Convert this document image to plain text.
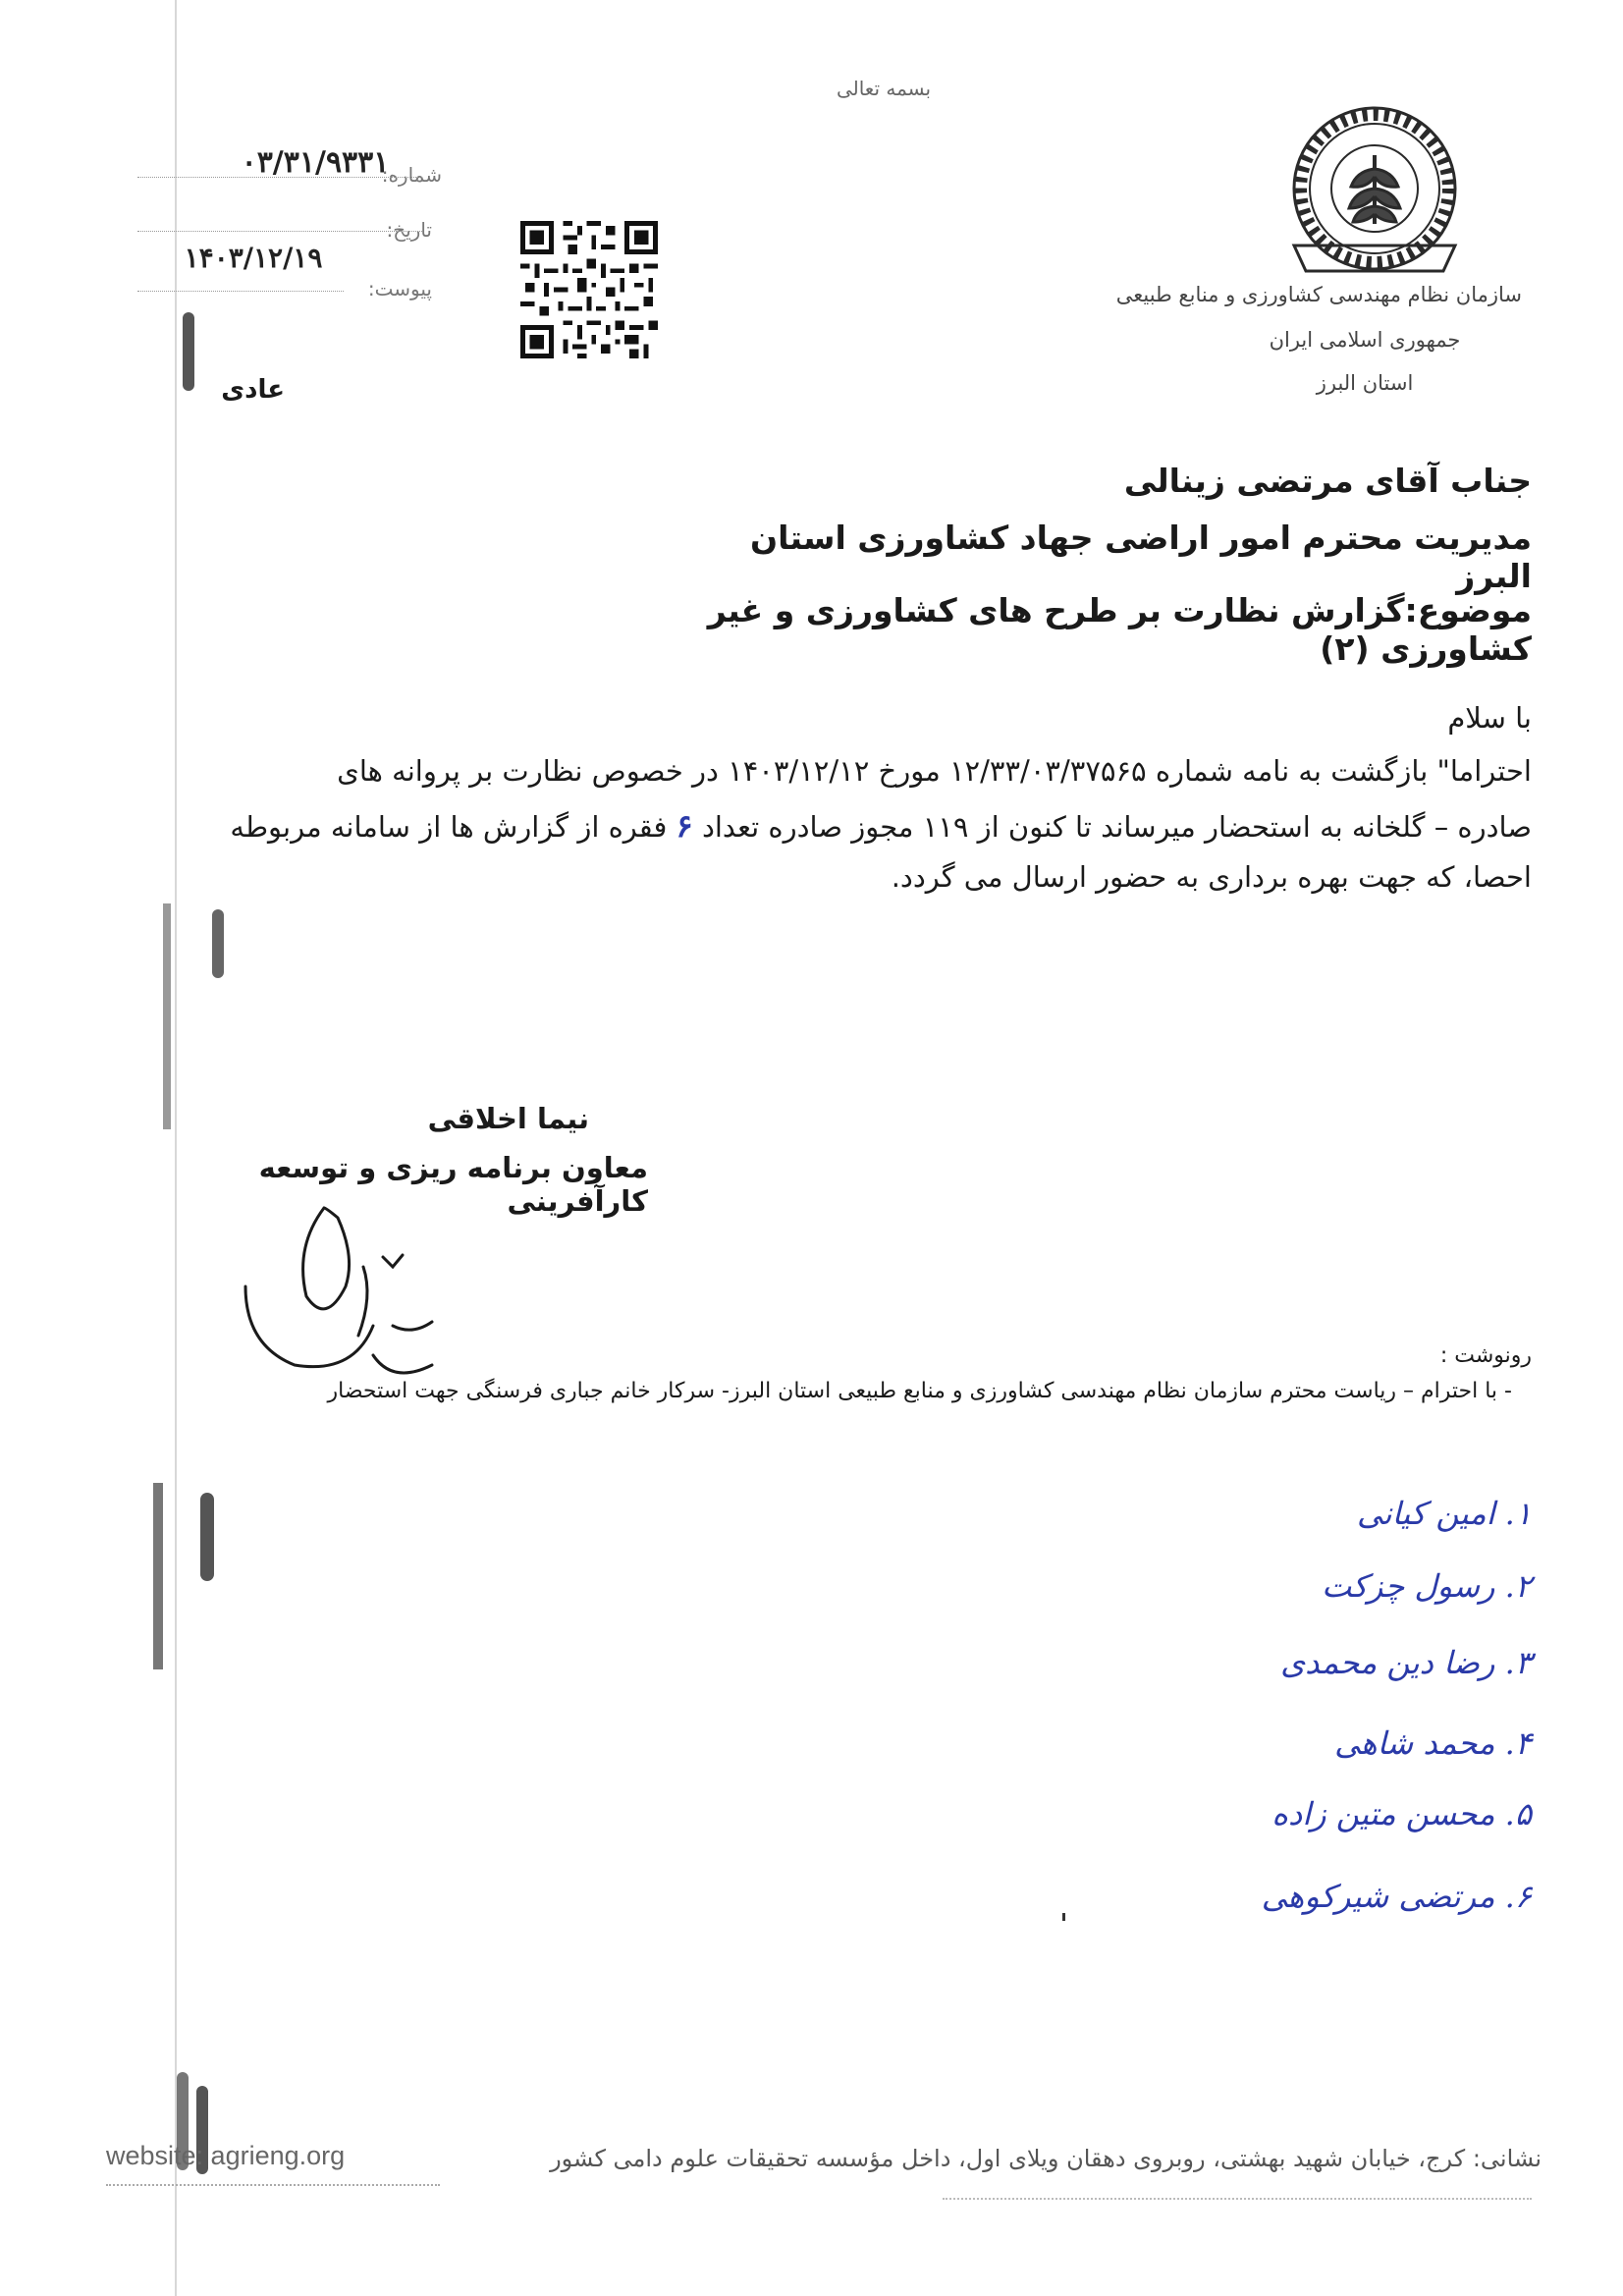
بسمه تعالی
سازمان نظام مهندسی کشاورزی و منابع طبیعی
جمهوری اسلامی ایران
استان البرز
شماره:
۰۳/۳۱/۹۳۳۱
تاریخ:
۱۴۰۳/۱۲/۱۹
پیوست:
عادی
جناب آقای مرتضی زینالی
مدیریت محترم امور اراضی جهاد کشاورزی استان البرز
موضوع:گزارش نظارت بر طرح های کشاورزی و غیر کشاورزی (۲)
با سلام
احتراما" بازگشت به نامه شماره ۱۲/۳۳/۰۳/۳۷۵۶۵ مورخ ۱۴۰۳/۱۲/۱۲ در خصوص نظارت بر پروانه های
صادره – گلخانه به استحضار میرساند تا کنون از ۱۱۹ مجوز صادره تعداد ۶ فقره از گزارش ها از سامانه مربوطه
احصا، که جهت بهره برداری به حضور ارسال می گردد.
نیما اخلاقی
معاون برنامه ریزی و توسعه کارآفرینی
رونوشت :
- با احترام – ریاست محترم سازمان نظام مهندسی کشاورزی و منابع طبیعی استان البرز- سرکار خانم جباری فرسنگی جهت استحضار
۱. امین کیانی
۲. رسول چزکت
۳. رضا دین محمدی
۴. محمد شاهی
۵. محسن متین زاده
۶. مرتضی شیرکوهی
website: agrieng.org	نشانی: کرج، خیابان شهید بهشتی، روبروی دهقان ویلای اول، داخل مؤسسه تحقیقات علوم دامی کشور
